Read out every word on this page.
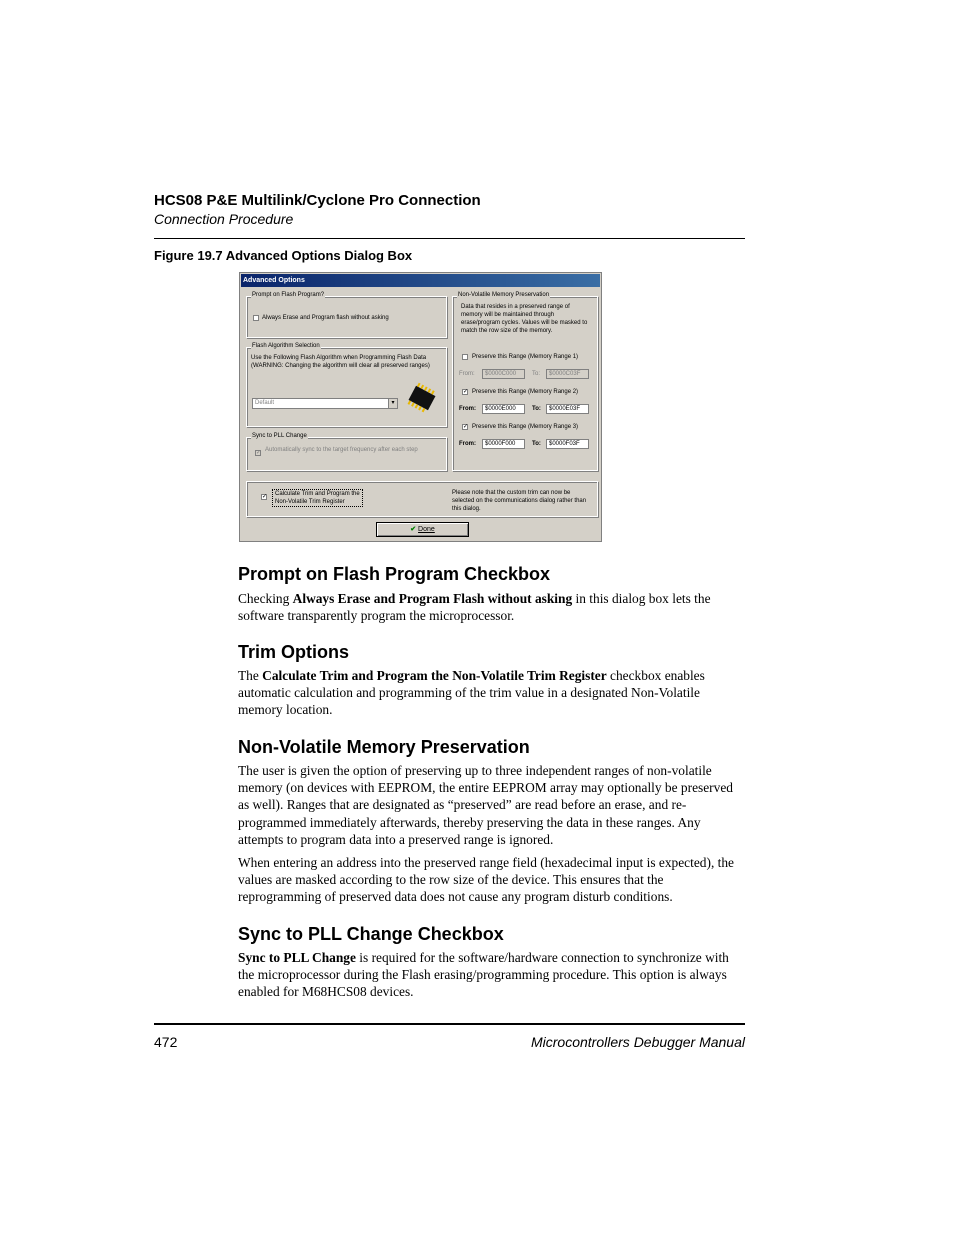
HCS08 P&E Multilink/Cyclone Pro Connection
Connection Procedure
Figure 19.7 Advanced Options Dialog Box
Advanced Options
Prompt on Flash Program?
Always Erase and Program flash without asking
Flash Algorithm Selection
Use the Following Flash Algorithm when Programming Flash Data (WARNING: Changing the algorithm will clear all preserved ranges)
Default	▾
Sync to PLL Change
✓ Automatically sync to the target frequency after each step
Non-Volatile Memory Preservation
Data that resides in a preserved range of memory will be maintained through erase/program cycles. Values will be masked to match the row size of the memory.
Preserve this Range (Memory Range 1)
From:	$0000C000	To:	$0000C03F
✓ Preserve this Range (Memory Range 2)
From:	$0000E000	To:	$0000E03F
✓ Preserve this Range (Memory Range 3)
From:	$0000F000	To:	$0000F03F
✓ Calculate Trim and Program the
Non-Volatile Trim Register
Please note that the custom trim can now be selected on the communications dialog rather than this dialog.
✔ Done
Prompt on Flash Program Checkbox
Checking Always Erase and Program Flash without asking in this dialog box lets the software transparently program the microprocessor.
Trim Options
The Calculate Trim and Program the Non-Volatile Trim Register checkbox enables automatic calculation and programming of the trim value in a designated Non-Volatile memory location.
Non-Volatile Memory Preservation
The user is given the option of preserving up to three independent ranges of non-volatile memory (on devices with EEPROM, the entire EEPROM array may optionally be preserved as well). Ranges that are designated as “preserved” are read before an erase, and re-programmed immediately afterwards, thereby preserving the data in these ranges. Any attempts to program data into a preserved range is ignored.
When entering an address into the preserved range field (hexadecimal input is expected), the values are masked according to the row size of the device. This ensures that the reprogramming of preserved data does not cause any program disturb conditions.
Sync to PLL Change Checkbox
Sync to PLL Change is required for the software/hardware connection to synchronize with the microprocessor during the Flash erasing/programming procedure. This option is always enabled for M68HCS08 devices.
472	Microcontrollers Debugger Manual
